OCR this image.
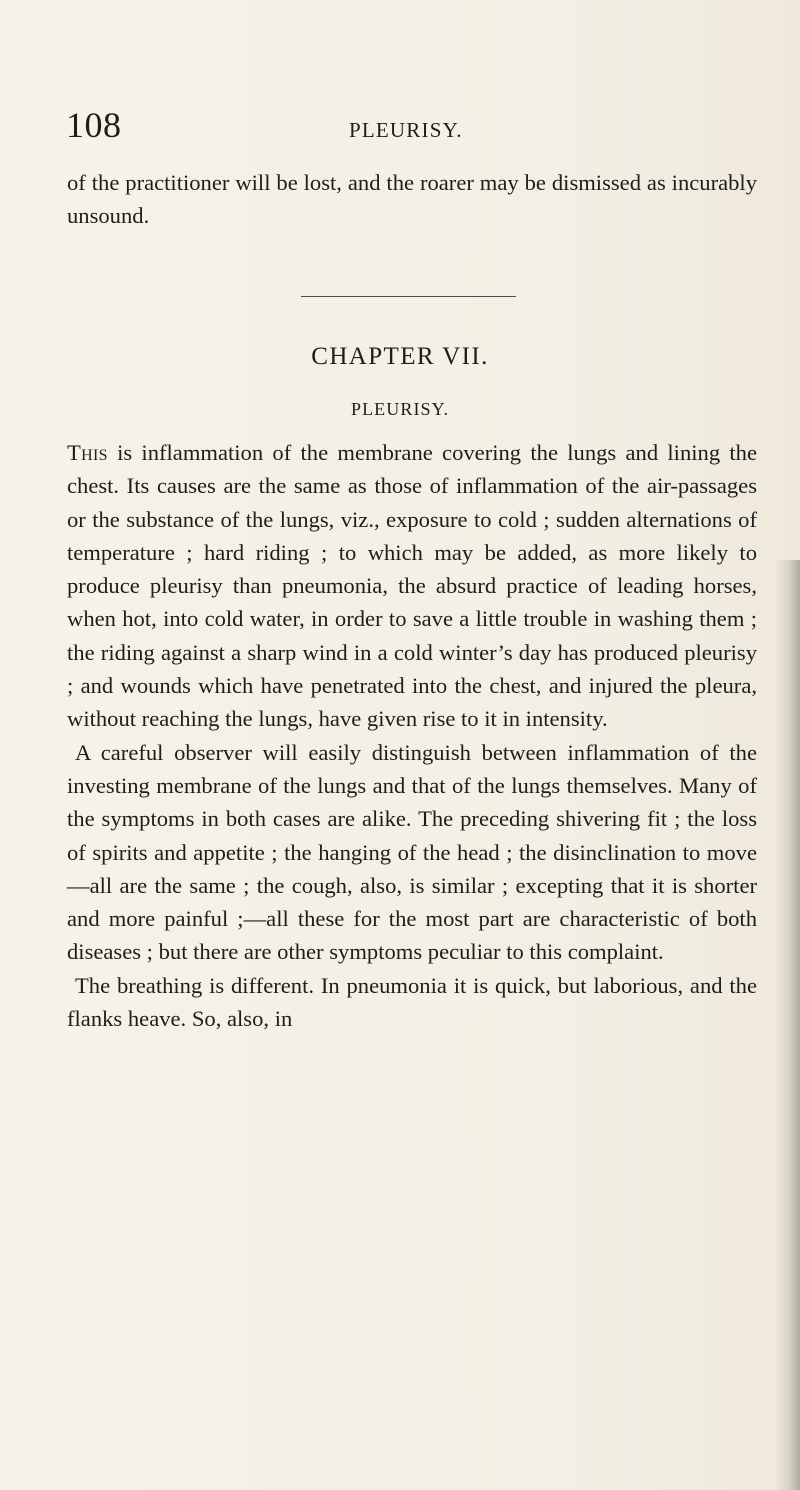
108	PLEURISY.

of the practitioner will be lost, and the roarer may be dismissed as incurably unsound.

CHAPTER VII.
PLEURISY.

This is inflammation of the membrane covering the lungs and lining the chest. Its causes are the same as those of inflammation of the air-passages or the substance of the lungs, viz., exposure to cold ; sudden alternations of temperature ; hard riding ; to which may be added, as more likely to produce pleurisy than pneumonia, the absurd practice of leading horses, when hot, into cold water, in order to save a little trouble in washing them ; the riding against a sharp wind in a cold winter’s day has produced pleurisy ; and wounds which have penetrated into the chest, and injured the pleura, without reaching the lungs, have given rise to it in intensity.

A careful observer will easily distinguish between inflammation of the investing membrane of the lungs and that of the lungs themselves. Many of the symptoms in both cases are alike. The preceding shivering fit ; the loss of spirits and appetite ; the hanging of the head ; the disinclination to move—all are the same ; the cough, also, is similar ; excepting that it is shorter and more painful ;—all these for the most part are characteristic of both diseases ; but there are other symptoms peculiar to this complaint.

The breathing is different. In pneumonia it is quick, but laborious, and the flanks heave. So, also, in
